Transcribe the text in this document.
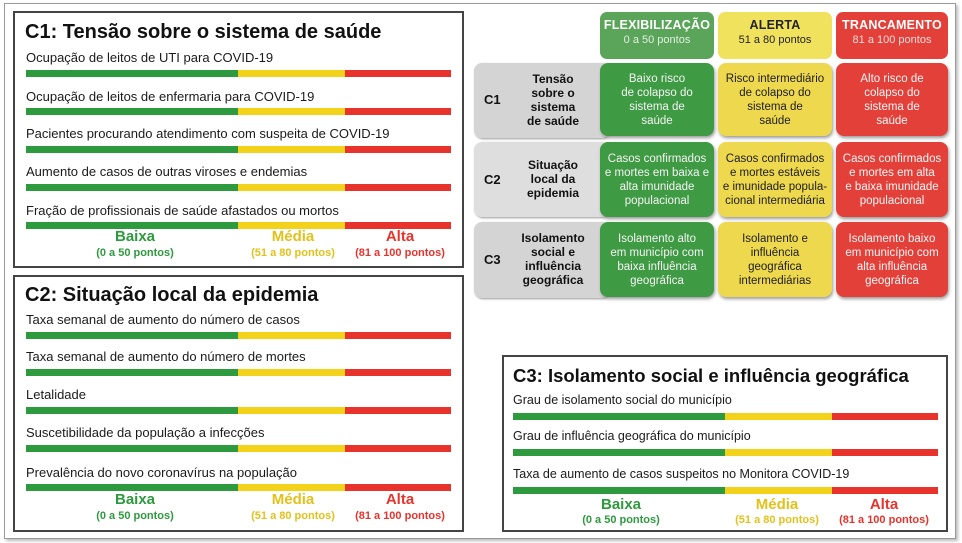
C1: Tensão sobre o sistema de saúde
Ocupação de leitos de UTI para COVID-19
Ocupação de leitos de enfermaria para COVID-19
Pacientes procurando atendimento com suspeita de COVID-19
Aumento de casos de outras viroses e endemias
Fração de profissionais de saúde afastados ou mortos
Baixa
(0 a 50 pontos)
Média
(51 a 80 pontos)
Alta
(81 a 100 pontos)
C2: Situação local da epidemia
Taxa semanal de aumento do número de casos
Taxa semanal de aumento do número de mortes
Letalidade
Suscetibilidade da população a infecções
Prevalência do novo coronavírus na população
Baixa
(0 a 50 pontos)
Média
(51 a 80 pontos)
Alta
(81 a 100 pontos)
C3: Isolamento social e influência geográfica
Grau de isolamento social do município
Grau de influência geográfica do município
Taxa de aumento de casos suspeitos no Monitora COVID-19
Baixa
(0 a 50 pontos)
Média
(51 a 80 pontos)
Alta
(81 a 100 pontos)
FLEXIBILIZAÇÃO
0 a 50 pontos
ALERTA
51 a 80 pontos
TRANCAMENTO
81 a 100 pontos
C1
Tensão
sobre o
sistema
de saúde
Baixo risco
de colapso do
sistema de
saúde
Risco intermediário
de colapso do
sistema de
saúde
Alto risco de
colapso do
sistema de
saúde
C2
Situação
local da
epidemia
Casos confirmados
e mortes em baixa e
alta imunidade
populacional
Casos confirmados
e mortes estáveis
e imunidade popula-
cional intermediária
Casos confirmados
e mortes em alta
e baixa imunidade
populacional
C3
Isolamento
social e
influência
geográfica
Isolamento alto
em município com
baixa influência
geográfica
Isolamento e
influência
geográfica
intermediárias
Isolamento baixo
em município com
alta influência
geográfica
